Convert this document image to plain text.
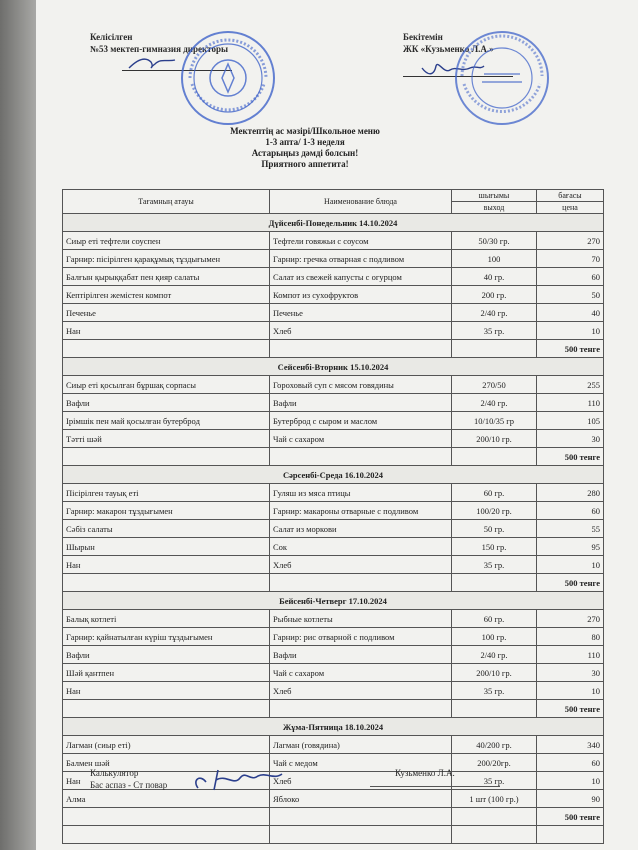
Келісілген
№53 мектеп-гимназия директоры
Бекітемін
ЖК «Кузьменко Л.А.»
Мектептің ас мәзірі/Школьное меню
1-3 апта/ 1-3 неделя
Астарыңыз дәмді болсын!
Приятного аппетита!
Тағамның атауы	Наименование блюда	шығымы	бағасы
		выход	цена
Дүйсенбі-Понедельник 14.10.2024			
Сиыр еті тефтели соуспен	Тефтели говяжьи с соусом	50/30 гр.	270
Гарнир: пісірілген қарақұмық тұздығымен	Гарнир: гречка отварная с подливом	100	70
Балғын қырыққабат пен қияр салаты	Салат из свежей капусты с огурцом	40 гр.	60
Кептірілген жемістен компот	Компот из сухофруктов	200 гр.	50
Печенье	Печенье	2/40 гр.	40
Нан	Хлеб	35 гр.	10
			500 тенге
Сейсенбі-Вторник 15.10.2024			
Сиыр еті қосылған бұршақ сорпасы	Гороховый суп с мясом говядины	270/50	255
Вафли	Вафли	2/40 гр.	110
Ірімшік пен май қосылған бутерброд	Бутерброд с сыром и маслом	10/10/35 гр	105
Тәтті шәй	Чай с сахаром	200/10 гр.	30
			500 тенге
Сәрсенбі-Среда 16.10.2024			
Пісірілген тауық еті	Гуляш из мяса птицы	60 гр.	280
Гарнир: макарон тұздығымен	Гарнир: макароны отварные с подливом	100/20 гр.	60
Сәбіз салаты	Салат из моркови	50 гр.	55
Шырын	Сок	150 гр.	95
Нан	Хлеб	35 гр.	10
			500 тенге
Бейсенбі-Четверг 17.10.2024			
Балық котлеті	Рыбные котлеты	60 гр.	270
Гарнир: қайнатылған күріш тұздығымен	Гарнир: рис отварной с подливом	100 гр.	80
Вафли	Вафли	2/40 гр.	110
Шәй қантпен	Чай с сахаром	200/10 гр.	30
Нан	Хлеб	35 гр.	10
			500 тенге
Жұма-Пятница 18.10.2024			
Лагман (сиыр еті)	Лагман (говядина)	40/200 гр.	340
Балмен шәй	Чай с медом	200/20гр.	60
Нан	Хлеб	35 гр.	10
Алма	Яблоко	1 шт (100 гр.)	90
			500 тенге

Калькулятор
Бас аспаз - Ст повар
Кузьменко Л.А.
